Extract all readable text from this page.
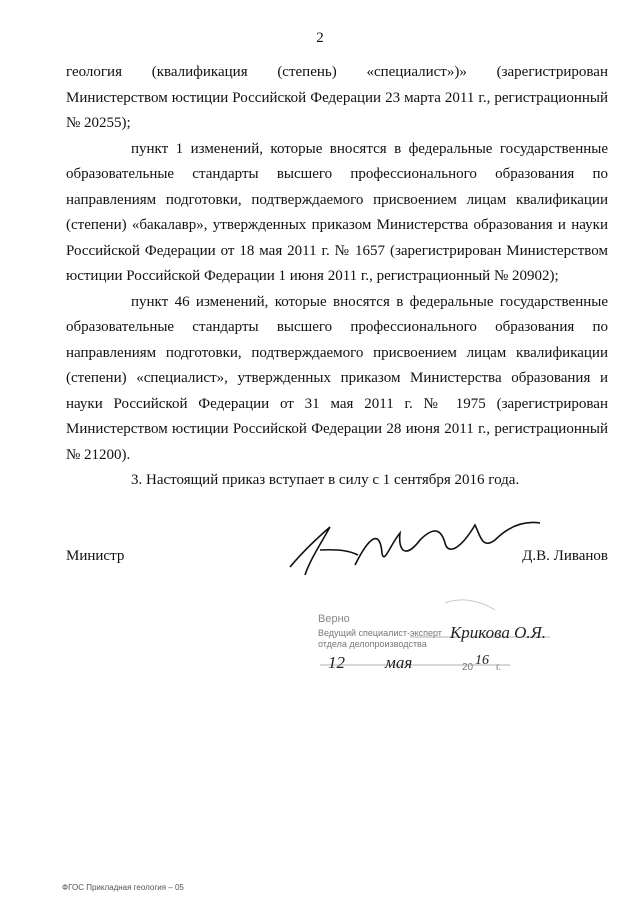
2

геология (квалификация (степень) «специалист»)» (зарегистрирован Министерством юстиции Российской Федерации 23 марта 2011 г., регистрационный № 20255);

пункт 1 изменений, которые вносятся в федеральные государственные образовательные стандарты высшего профессионального образования по направлениям подготовки, подтверждаемого присвоением лицам квалификации (степени) «бакалавр», утвержденных приказом Министерства образования и науки Российской Федерации от 18 мая 2011 г. № 1657 (зарегистрирован Министерством юстиции Российской Федерации 1 июня 2011 г., регистрационный № 20902);

пункт 46 изменений, которые вносятся в федеральные государственные образовательные стандарты высшего профессионального образования по направлениям подготовки, подтверждаемого присвоением лицам квалификации (степени) «специалист», утвержденных приказом Министерства образования и науки Российской Федерации от 31 мая 2011 г. № 1975 (зарегистрирован Министерством юстиции Российской Федерации 28 июня 2011 г., регистрационный № 21200).

3. Настоящий приказ вступает в силу с 1 сентября 2016 года.

Министр	Д.В. Ливанов
Верно
Ведущий специалист-эксперт
отдела делопроизводства
Крикова О.Я.
12 мая	20 16 г.
ФГОС Прикладная геология – 05
